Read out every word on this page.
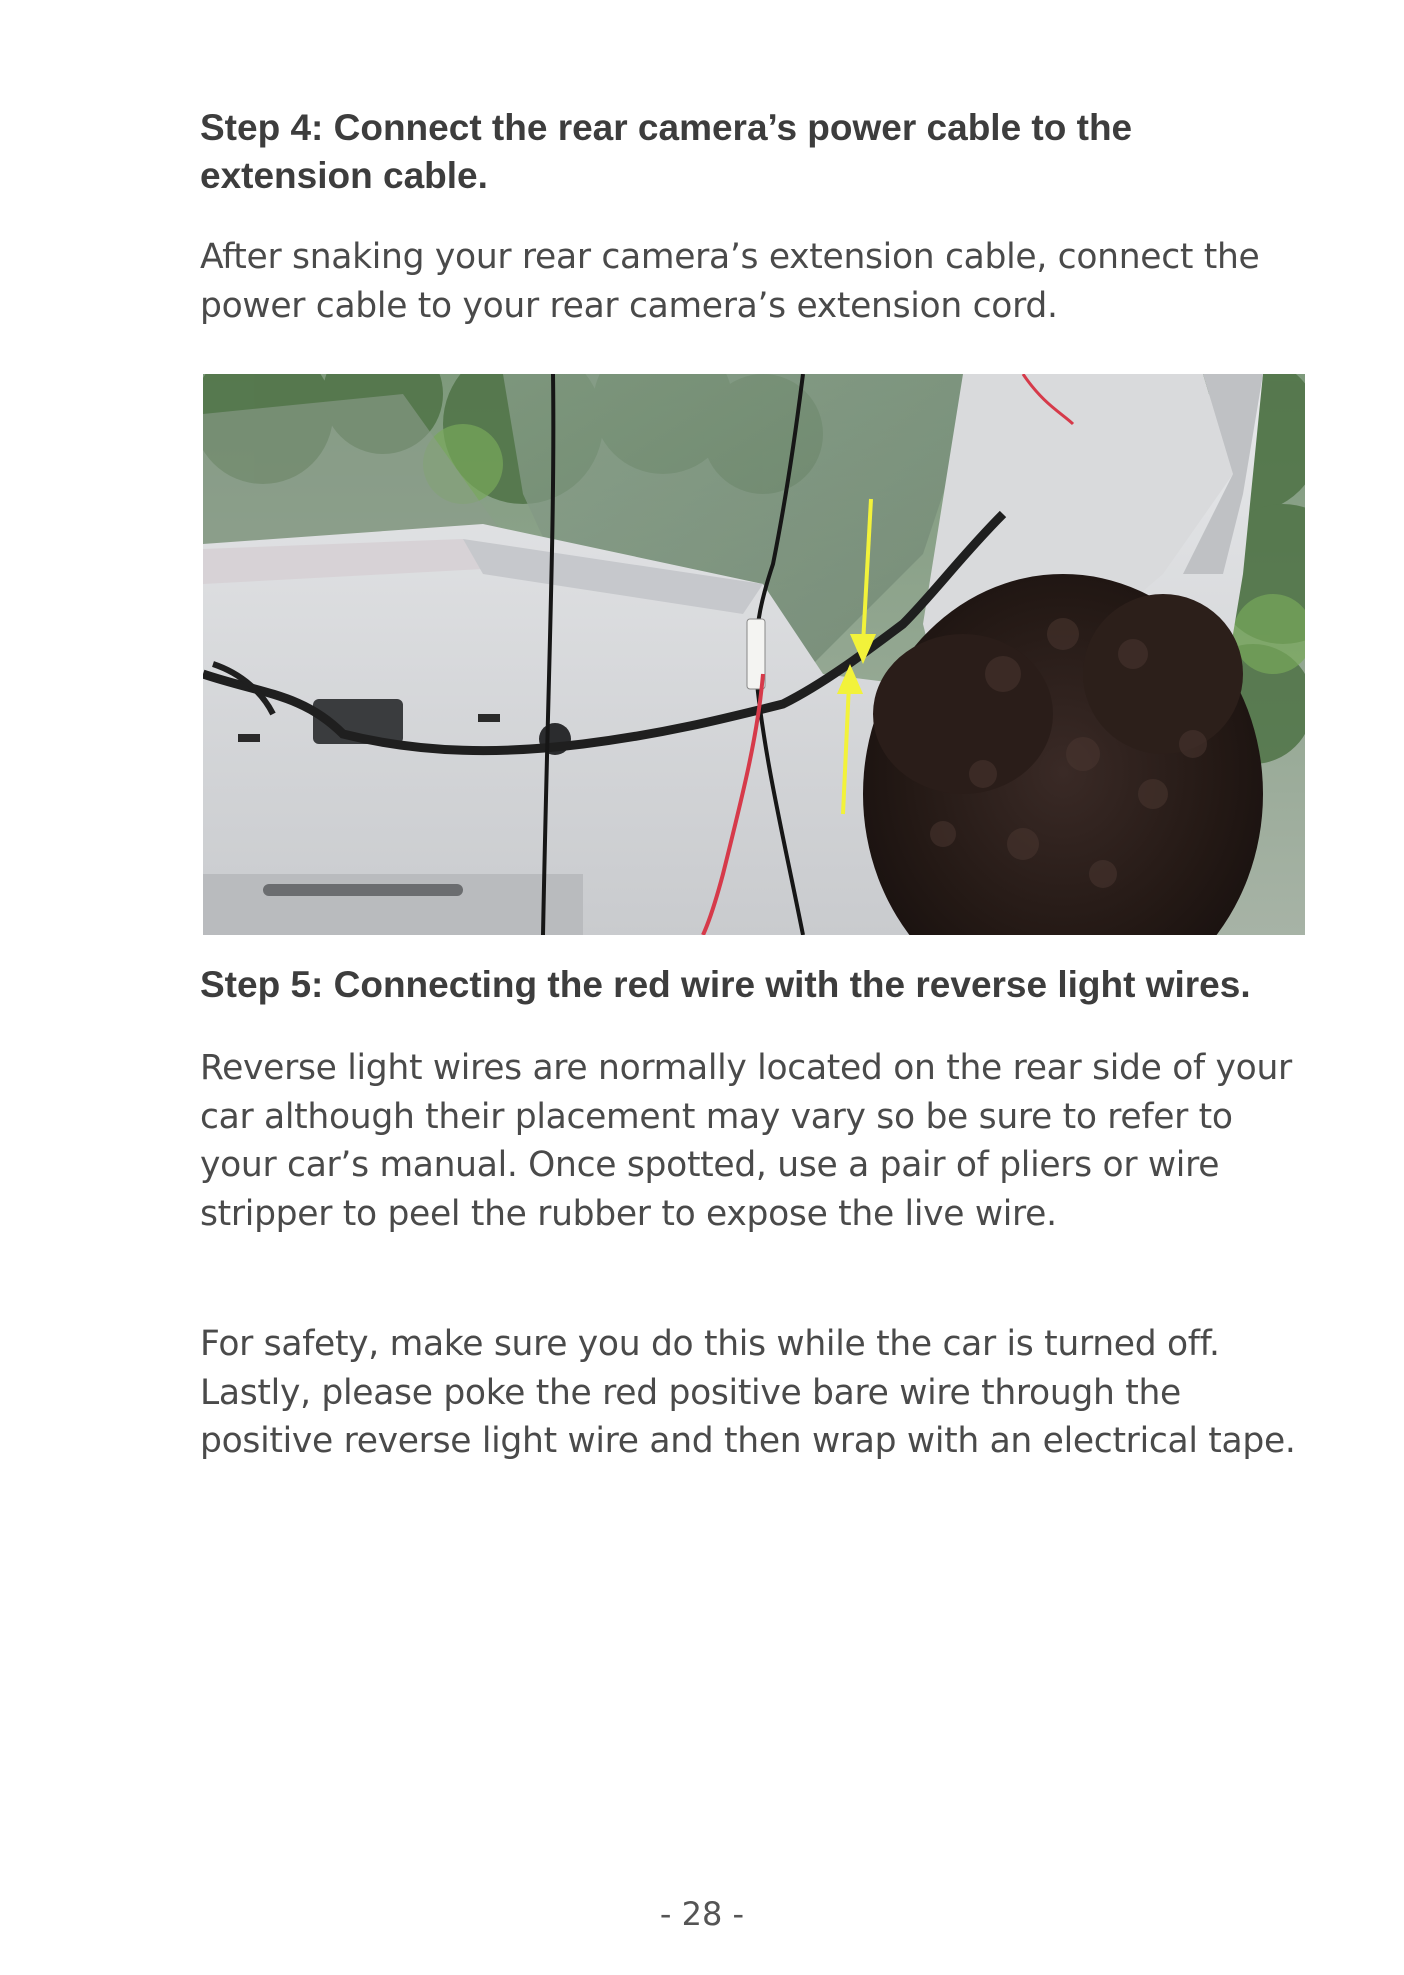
Step 4: Connect the rear camera’s power cable to the extension cable.

After snaking your rear camera’s extension cable, connect the power cable to your rear camera’s extension cord.

Step 5: Connecting the red wire with the reverse light wires.

Reverse light wires are normally located on the rear side of your car although their placement may vary so be sure to refer to your car’s manual. Once spotted, use a pair of pliers or wire stripper to peel the rubber to expose the live wire.

For safety, make sure you do this while the car is turned off. Lastly, please poke the red positive bare wire through the positive reverse light wire and then wrap with an electrical tape.

- 28 -
